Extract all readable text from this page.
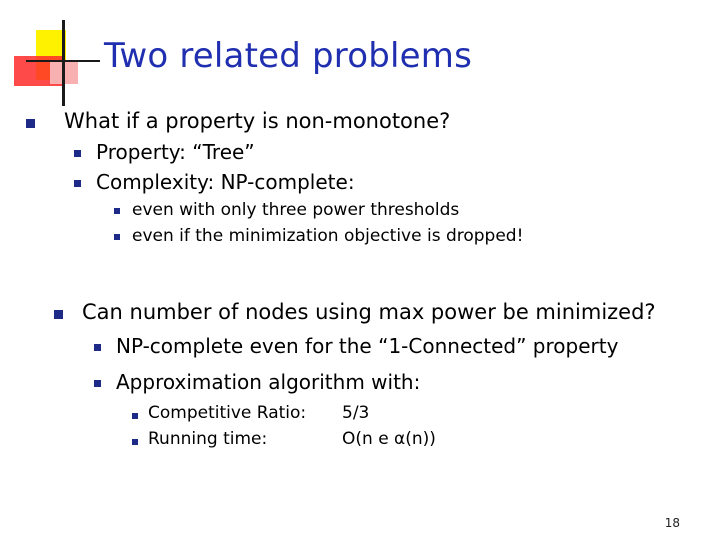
Two related problems
What if a property is non-monotone?
Property: “Tree”
Complexity: NP-complete:
even with only three power thresholds
even if the minimization objective is dropped!
Can number of nodes using max power be minimized?
NP-complete even for the “1-Connected” property
Approximation algorithm with:
Competitive Ratio: 5/3
Running time:	O(n e α(n))
18
